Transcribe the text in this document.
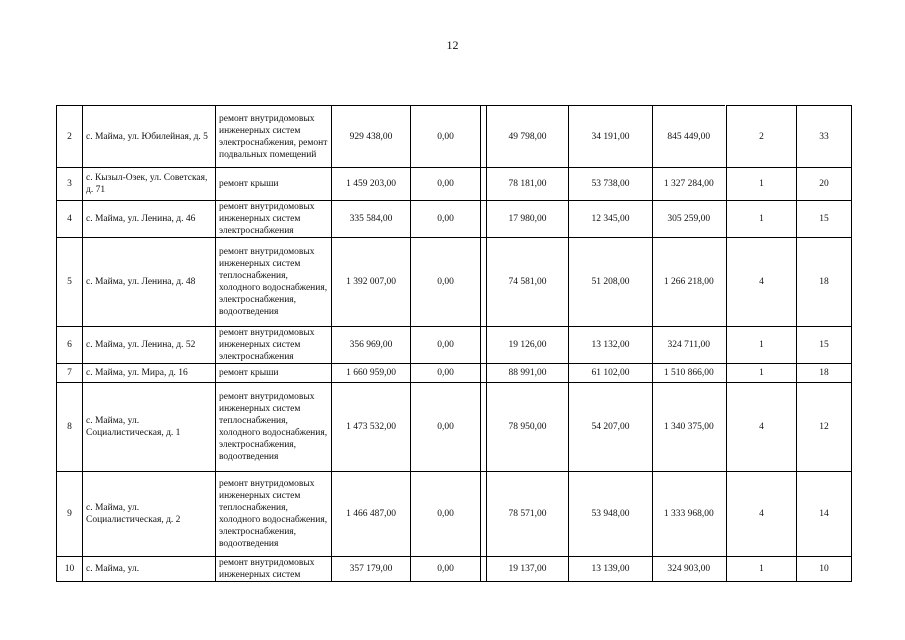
12
2	с. Майма, ул. Юбилейная, д. 5	ремонт внутридомовых инженерных систем электроснабжения, ремонт подвальных помещений	929 438,00	0,00		49 798,00	34 191,00	845 449,00		2	33
3	с. Кызыл-Озек, ул. Советская, д. 71	ремонт крыши	1 459 203,00	0,00		78 181,00	53 738,00	1 327 284,00		1	20
4	с. Майма, ул. Ленина, д. 46	ремонт внутридомовых инженерных систем электроснабжения	335 584,00	0,00		17 980,00	12 345,00	305 259,00		1	15
5	с. Майма, ул. Ленина, д. 48	ремонт внутридомовых инженерных систем теплоснабжения, холодного водоснабжения, электроснабжения, водоотведения	1 392 007,00	0,00		74 581,00	51 208,00	1 266 218,00		4	18
6	с. Майма, ул. Ленина, д. 52	ремонт внутридомовых инженерных систем электроснабжения	356 969,00	0,00		19 126,00	13 132,00	324 711,00		1	15
7	с. Майма, ул. Мира, д. 16	ремонт крыши	1 660 959,00	0,00		88 991,00	61 102,00	1 510 866,00		1	18
8	с. Майма, ул. Социалистическая, д. 1	ремонт внутридомовых инженерных систем теплоснабжения, холодного водоснабжения, электроснабжения, водоотведения	1 473 532,00	0,00		78 950,00	54 207,00	1 340 375,00		4	12
9	с. Майма, ул. Социалистическая, д. 2	ремонт внутридомовых инженерных систем теплоснабжения, холодного водоснабжения, электроснабжения, водоотведения	1 466 487,00	0,00		78 571,00	53 948,00	1 333 968,00		4	14
10	с. Майма, ул.	ремонт внутридомовых инженерных систем	357 179,00	0,00		19 137,00	13 139,00	324 903,00		1	10
